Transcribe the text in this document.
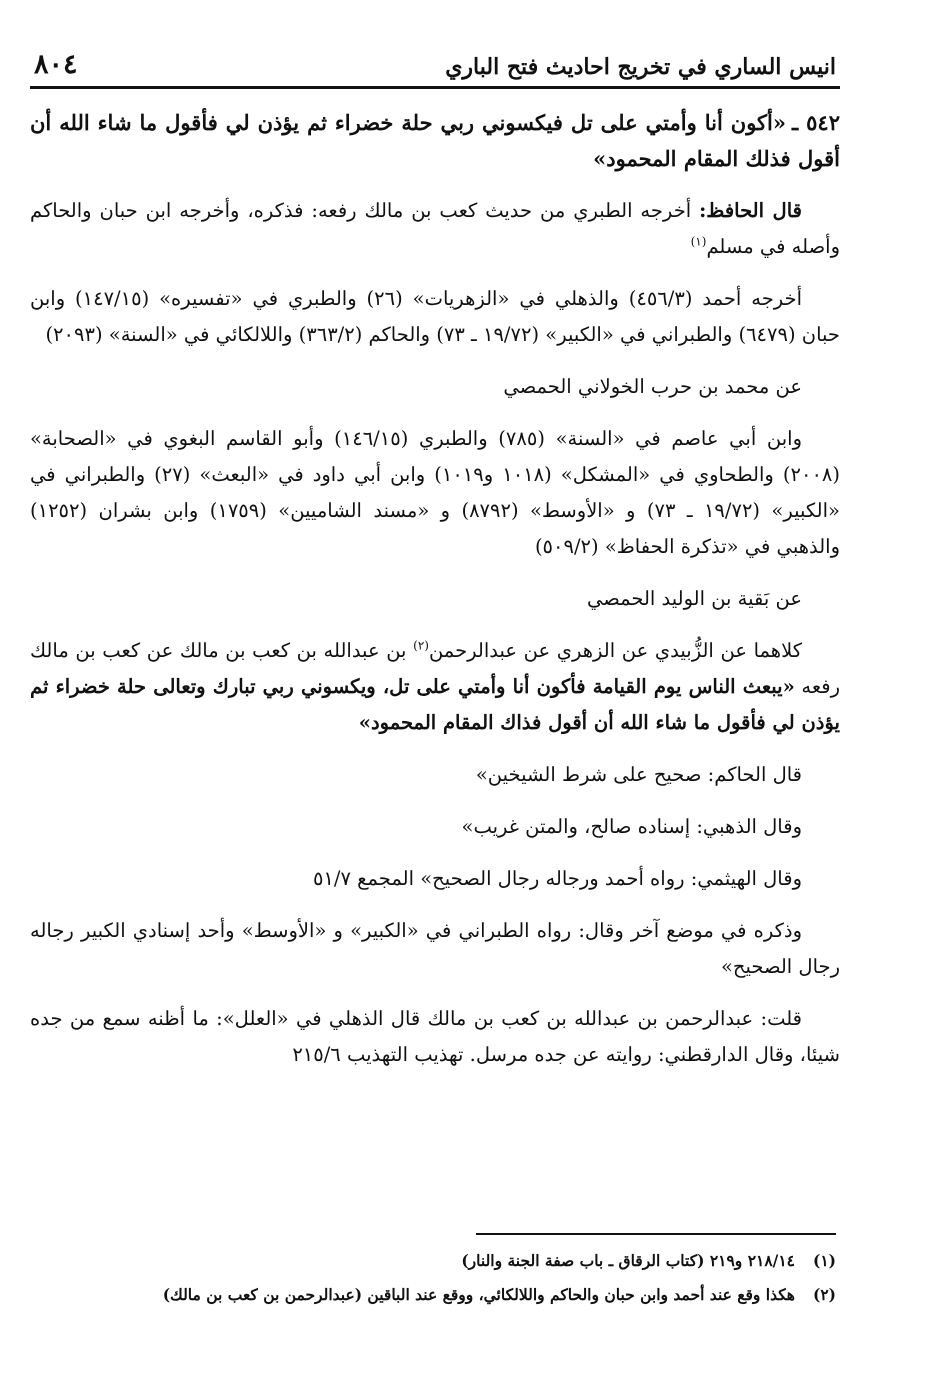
انيس الساري في تخريج احاديث فتح الباري
٨٠٤

٥٤٢ ـ«أكون أنا وأمتي على تل فيكسوني ربي حلة خضراء ثم يؤذن لي فأقول ما شاء الله أن أقول فذلك المقام المحمود»

قال الحافظ: أخرجه الطبري من حديث كعب بن مالك رفعه: فذكره، وأخرجه ابن حبان والحاكم وأصله في مسلم$^{(١)}$

أخرجه أحمد (٤٥٦/٣) والذهلي في «الزهريات» (٢٦) والطبري في «تفسيره» (١٤٧/١٥) وابن حبان (٦٤٧٩) والطبراني في «الكبير» (١٩/٧٢ ـ ٧٣) والحاكم (٣٦٣/٢) واللالكائي في «السنة» (٢٠٩٣)

عن محمد بن حرب الخولاني الحمصي

وابن أبي عاصم في «السنة» (٧٨٥) والطبري (١٤٦/١٥) وأبو القاسم البغوي في «الصحابة» (٢٠٠٨) والطحاوي في «المشكل» (١٠١٨ و١٠١٩) وابن أبي داود في «البعث» (٢٧) والطبراني في «الكبير» (١٩/٧٢ ـ ٧٣) و «الأوسط» (٨٧٩٢) و «مسند الشاميين» (١٧٥٩) وابن بشران (١٢٥٢) والذهبي في «تذكرة الحفاظ» (٥٠٩/٢)

عن بَقية بن الوليد الحمصي

كلاهما عن الزُّبيدي عن الزهري عن عبدالرحمن$^{(٢)}$ بن عبدالله بن كعب بن مالك عن كعب بن مالك رفعه «يبعث الناس يوم القيامة فأكون أنا وأمتي على تل، ويكسوني ربي تبارك وتعالى حلة خضراء ثم يؤذن لي فأقول ما شاء الله أن أقول فذاك المقام المحمود»

قال الحاكم: صحيح على شرط الشيخين»

وقال الذهبي: إسناده صالح، والمتن غريب»

وقال الهيثمي: رواه أحمد ورجاله رجال الصحيح» المجمع ٥١/٧

وذكره في موضع آخر وقال: رواه الطبراني في «الكبير» و «الأوسط» وأحد إسنادي الكبير رجاله رجال الصحيح»

قلت: عبدالرحمن بن عبدالله بن كعب بن مالك قال الذهلي في «العلل»: ما أظنه سمع من جده شيئا، وقال الدارقطني: روايته عن جده مرسل. تهذيب التهذيب ٢١٥/٦

(١)
٢١٨/١٤ و٢١٩ (كتاب الرقاق ـ باب صفة الجنة والنار)
(٢)
هكذا وقع عند أحمد وابن حبان والحاكم واللالكائي، ووقع عند الباقين (عبدالرحمن بن كعب بن مالك)
